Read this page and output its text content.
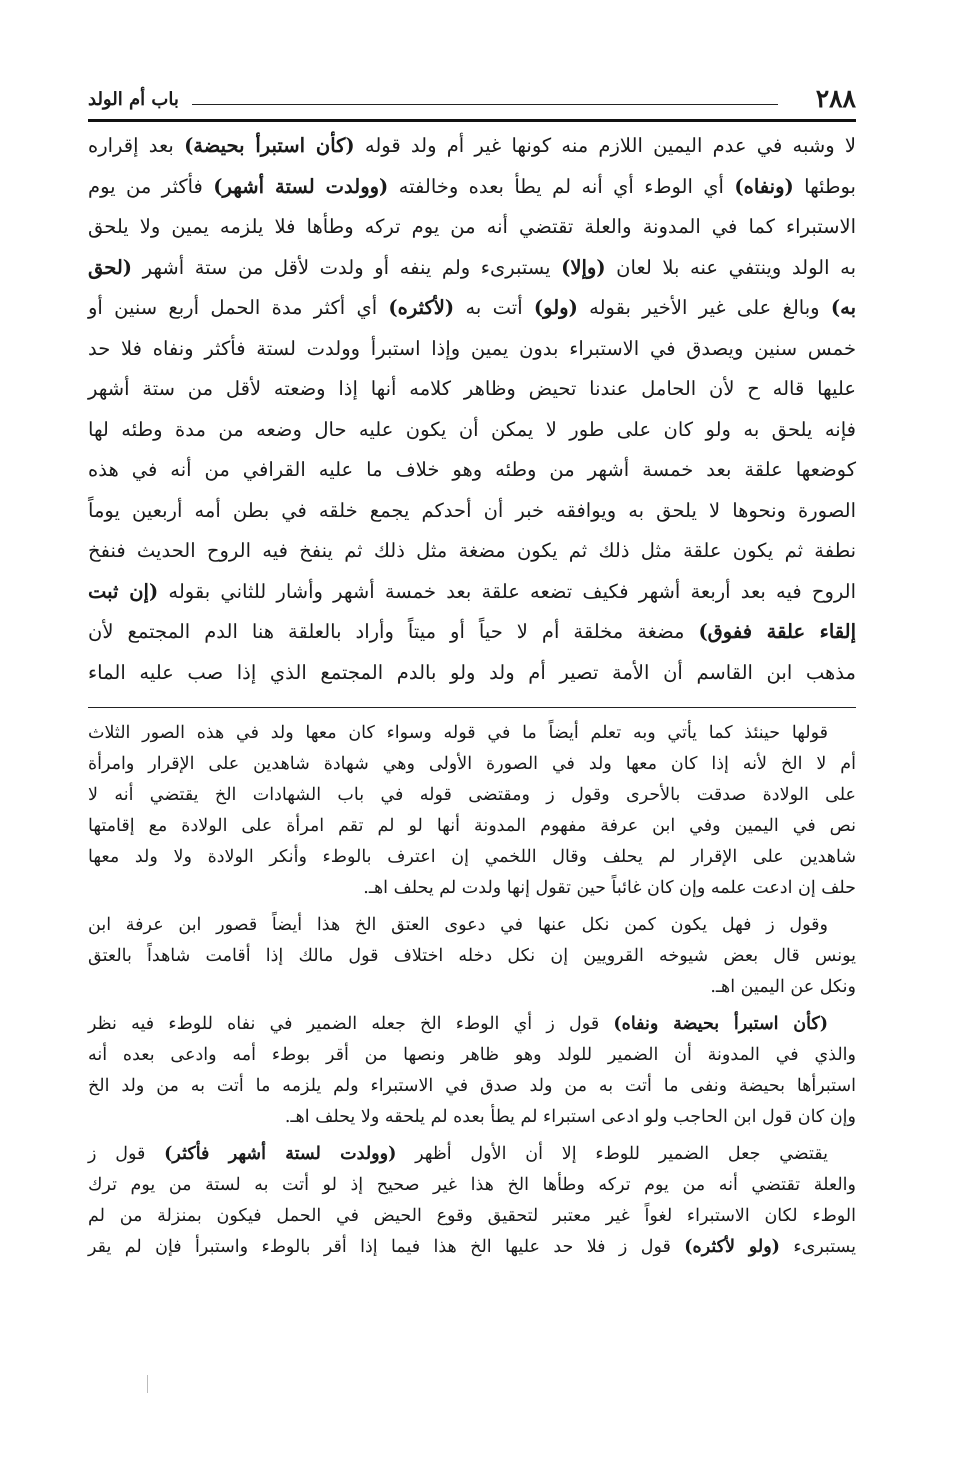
٢٨٨
باب أم الولد
لا وشبه في عدم اليمين اللازم منه كونها غير أم ولد قوله (كأن استبرأ بحيضة) بعد إقراره
بوطئها (ونفاه) أي الوطء أي أنه لم يطأ بعده وخالفته (وولدت لستة أشهر) فأكثر من يوم
الاستبراء كما في المدونة والعلة تقتضي أنه من يوم تركه وطأها فلا يلزمه يمين ولا يلحق
به الولد وينتفي عنه بلا لعان (وإلا) يستبرىء ولم ينفه أو ولدت لأقل من ستة أشهر (لحق
به) وبالغ على غير الأخير بقوله (ولو) أتت به (لأكثره) أي أكثر مدة الحمل أربع سنين أو
خمس سنين ويصدق في الاستبراء بدون يمين وإذا استبرأ وولدت لستة فأكثر ونفاه فلا حد
عليها قاله ح لأن الحامل عندنا تحيض وظاهر كلامه أنها إذا وضعته لأقل من ستة أشهر
فإنه يلحق به ولو كان على طور لا يمكن أن يكون عليه حال وضعه من مدة وطئه لها
كوضعها علقة بعد خمسة أشهر من وطئه وهو خلاف ما عليه القرافي من أنه في هذه
الصورة ونحوها لا يلحق به ويوافقه خبر أن أحدكم يجمع خلقه في بطن أمه أربعين يوماً
نطفة ثم يكون علقة مثل ذلك ثم يكون مضغة مثل ذلك ثم ينفخ فيه الروح الحديث فنفخ
الروح فيه بعد أربعة أشهر فكيف تضعه علقة بعد خمسة أشهر وأشار للثاني بقوله (إن ثبت
إلقاء علقة ففوق) مضغة مخلقة أم لا حياً أو ميتاً وأراد بالعلقة هنا الدم المجتمع لأن
مذهب ابن القاسم أن الأمة تصير أم ولد ولو بالدم المجتمع الذي إذا صب عليه الماء
قولها حينئذ كما يأتي وبه تعلم أيضاً ما في قوله وسواء كان معها ولد في هذه الصور الثلاث
أم لا الخ لأنه إذا كان معها ولد في الصورة الأولى وهي شهادة شاهدين على الإقرار وامرأة
على الولادة صدقت بالأحرى وقول ز ومقتضى قوله في باب الشهادات الخ يقتضي أنه لا
نص في اليمين وفي ابن عرفة مفهوم المدونة أنها لو لم تقم امرأة على الولادة مع إقامتها
شاهدين على الإقرار لم يحلف وقال اللخمي إن اعترف بالوطء وأنكر الولادة ولا ولد معها
حلف إن ادعت علمه وإن كان غائباً حين تقول إنها ولدت لم يحلف اهـ.
وقول ز فهل يكون كمن نكل عنها في دعوى العتق الخ هذا أيضاً قصور ابن عرفة ابن
يونس قال بعض شيوخه القرويين إن نكل دخله اختلاف قول مالك إذا أقامت شاهداً بالعتق
ونكل عن اليمين اهـ.
(كأن استبرأ بحيضة ونفاه) قول ز أي الوطء الخ جعله الضمير في نفاه للوطء فيه نظر
والذي في المدونة أن الضمير للولد وهو ظاهر ونصها من أقر بوطء أمه وادعى بعده أنه
استبرأها بحيضة ونفى ما أتت به من ولد صدق في الاستبراء ولم يلزمه ما أتت به من ولد الخ
وإن كان قول ابن الحاجب ولو ادعى استبراء لم يطأ بعده لم يلحقه ولا يحلف اهـ.
يقتضي جعل الضمير للوطء إلا أن الأول أظهر (وولدت لستة أشهر فأكثر) قول ز
والعلة تقتضي أنه من يوم تركه وطأها الخ هذا غير صحيح إذ لو أتت به لستة من يوم ترك
الوطء لكان الاستبراء لغواً غير معتبر لتحقيق وقوع الحيض في الحمل فيكون بمنزلة من لم
يستبرىء (ولو لأكثره) قول ز فلا حد عليها الخ هذا فيما إذا أقر بالوطء واستبرأ فإن لم يقر
